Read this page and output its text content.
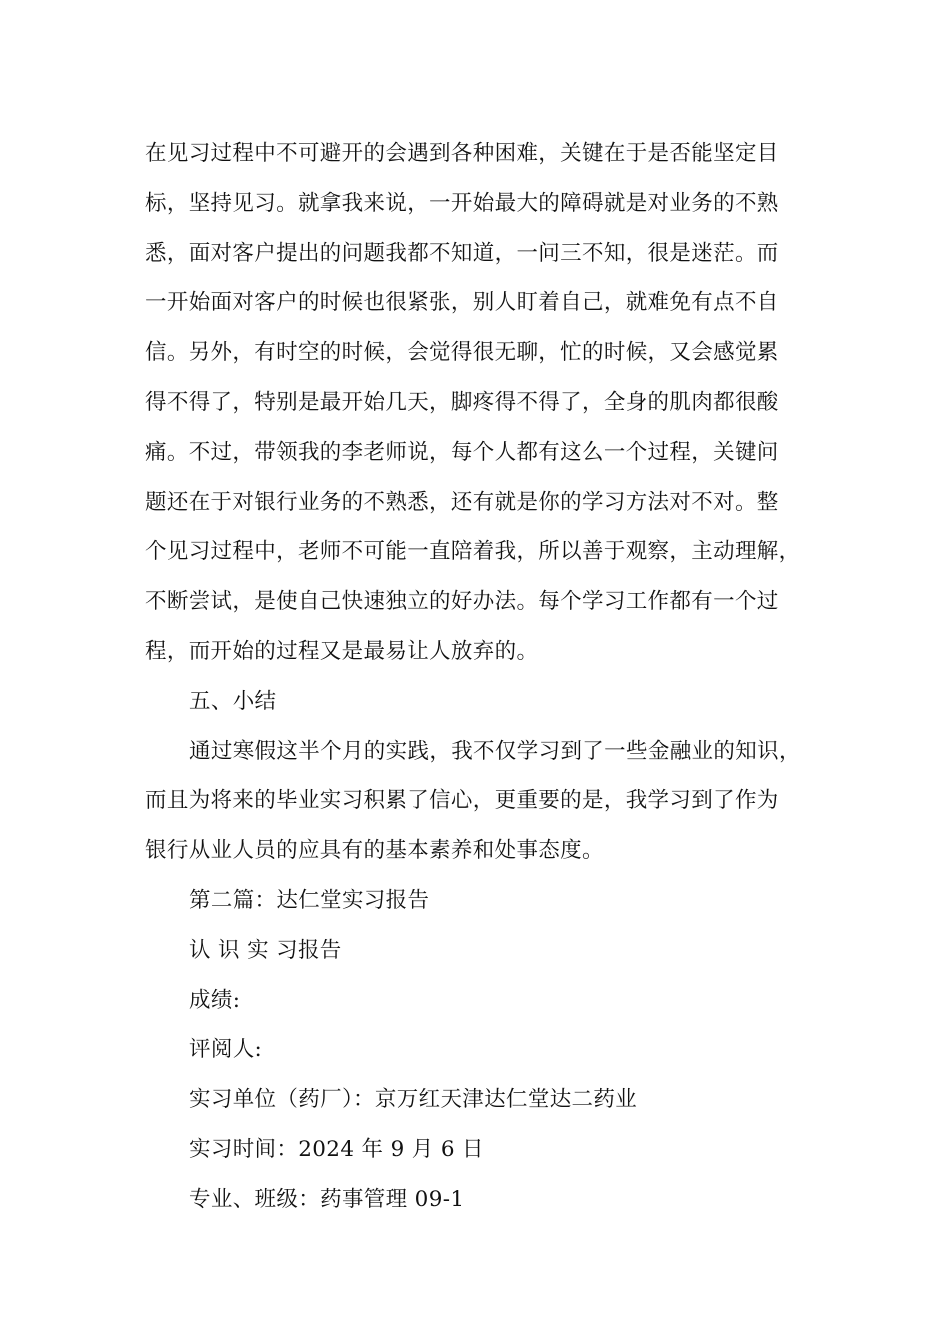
在见习过程中不可避开的会遇到各种困难，关键在于是否能坚定目
标，坚持见习。就拿我来说，一开始最大的障碍就是对业务的不熟
悉，面对客户提出的问题我都不知道，一问三不知，很是迷茫。而
一开始面对客户的时候也很紧张，别人盯着自己，就难免有点不自
信。另外，有时空的时候，会觉得很无聊，忙的时候，又会感觉累
得不得了，特别是最开始几天，脚疼得不得了，全身的肌肉都很酸
痛。不过，带领我的李老师说，每个人都有这么一个过程，关键问
题还在于对银行业务的不熟悉，还有就是你的学习方法对不对。整
个见习过程中，老师不可能一直陪着我，所以善于观察，主动理解，
不断尝试，是使自己快速独立的好办法。每个学习工作都有一个过
程，而开始的过程又是最易让人放弃的。
五、小结
通过寒假这半个月的实践，我不仅学习到了一些金融业的知识，
而且为将来的毕业实习积累了信心，更重要的是，我学习到了作为
银行从业人员的应具有的基本素养和处事态度。
第二篇：达仁堂实习报告
认 识 实 习报告
成绩:
评阅人:
实习单位（药厂）：京万红天津达仁堂达二药业
实习时间：2024 年 9 月 6 日
专业、班级：药事管理 09-1
